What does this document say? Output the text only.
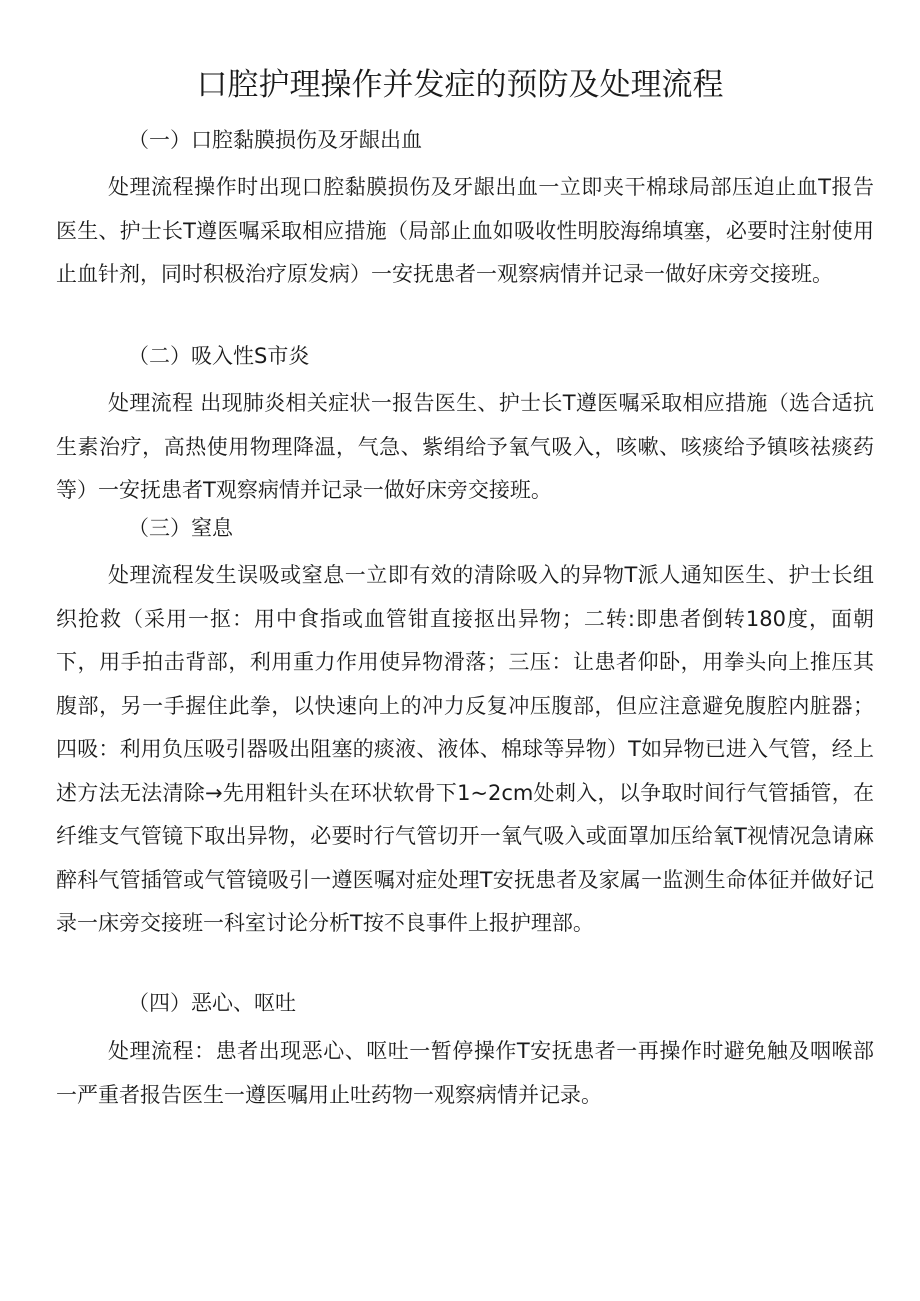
口腔护理操作并发症的预防及处理流程

（一）口腔黏膜损伤及牙龈出血

处理流程操作时出现口腔黏膜损伤及牙龈出血一立即夹干棉球局部压迫止血T报告医生、护士长T遵医嘱采取相应措施（局部止血如吸收性明胶海绵填塞，必要时注射使用止血针剂，同时积极治疗原发病）一安抚患者一观察病情并记录一做好床旁交接班。

（二）吸入性S市炎

处理流程 出现肺炎相关症状一报告医生、护士长T遵医嘱采取相应措施（选合适抗生素治疗，高热使用物理降温，气急、紫绢给予氧气吸入，咳嗽、咳痰给予镇咳祛痰药等）一安抚患者T观察病情并记录一做好床旁交接班。

（三）窒息

处理流程发生误吸或窒息一立即有效的清除吸入的异物T派人通知医生、护士长组织抢救（采用一抠：用中食指或血管钳直接抠出异物；二转:即患者倒转180度，面朝下，用手拍击背部，利用重力作用使异物滑落；三压：让患者仰卧，用拳头向上推压其腹部，另一手握住此拳，以快速向上的冲力反复冲压腹部，但应注意避免腹腔内脏器；四吸：利用负压吸引器吸出阻塞的痰液、液体、棉球等异物）T如异物已进入气管，经上述方法无法清除→先用粗针头在环状软骨下1~2cm处刺入，以争取时间行气管插管，在纤维支气管镜下取出异物，必要时行气管切开一氧气吸入或面罩加压给氧T视情况急请麻醉科气管插管或气管镜吸引一遵医嘱对症处理T安抚患者及家属一监测生命体征并做好记录一床旁交接班一科室讨论分析T按不良事件上报护理部。

（四）恶心、呕吐

处理流程：患者出现恶心、呕吐一暂停操作T安抚患者一再操作时避免触及咽喉部一严重者报告医生一遵医嘱用止吐药物一观察病情并记录。
